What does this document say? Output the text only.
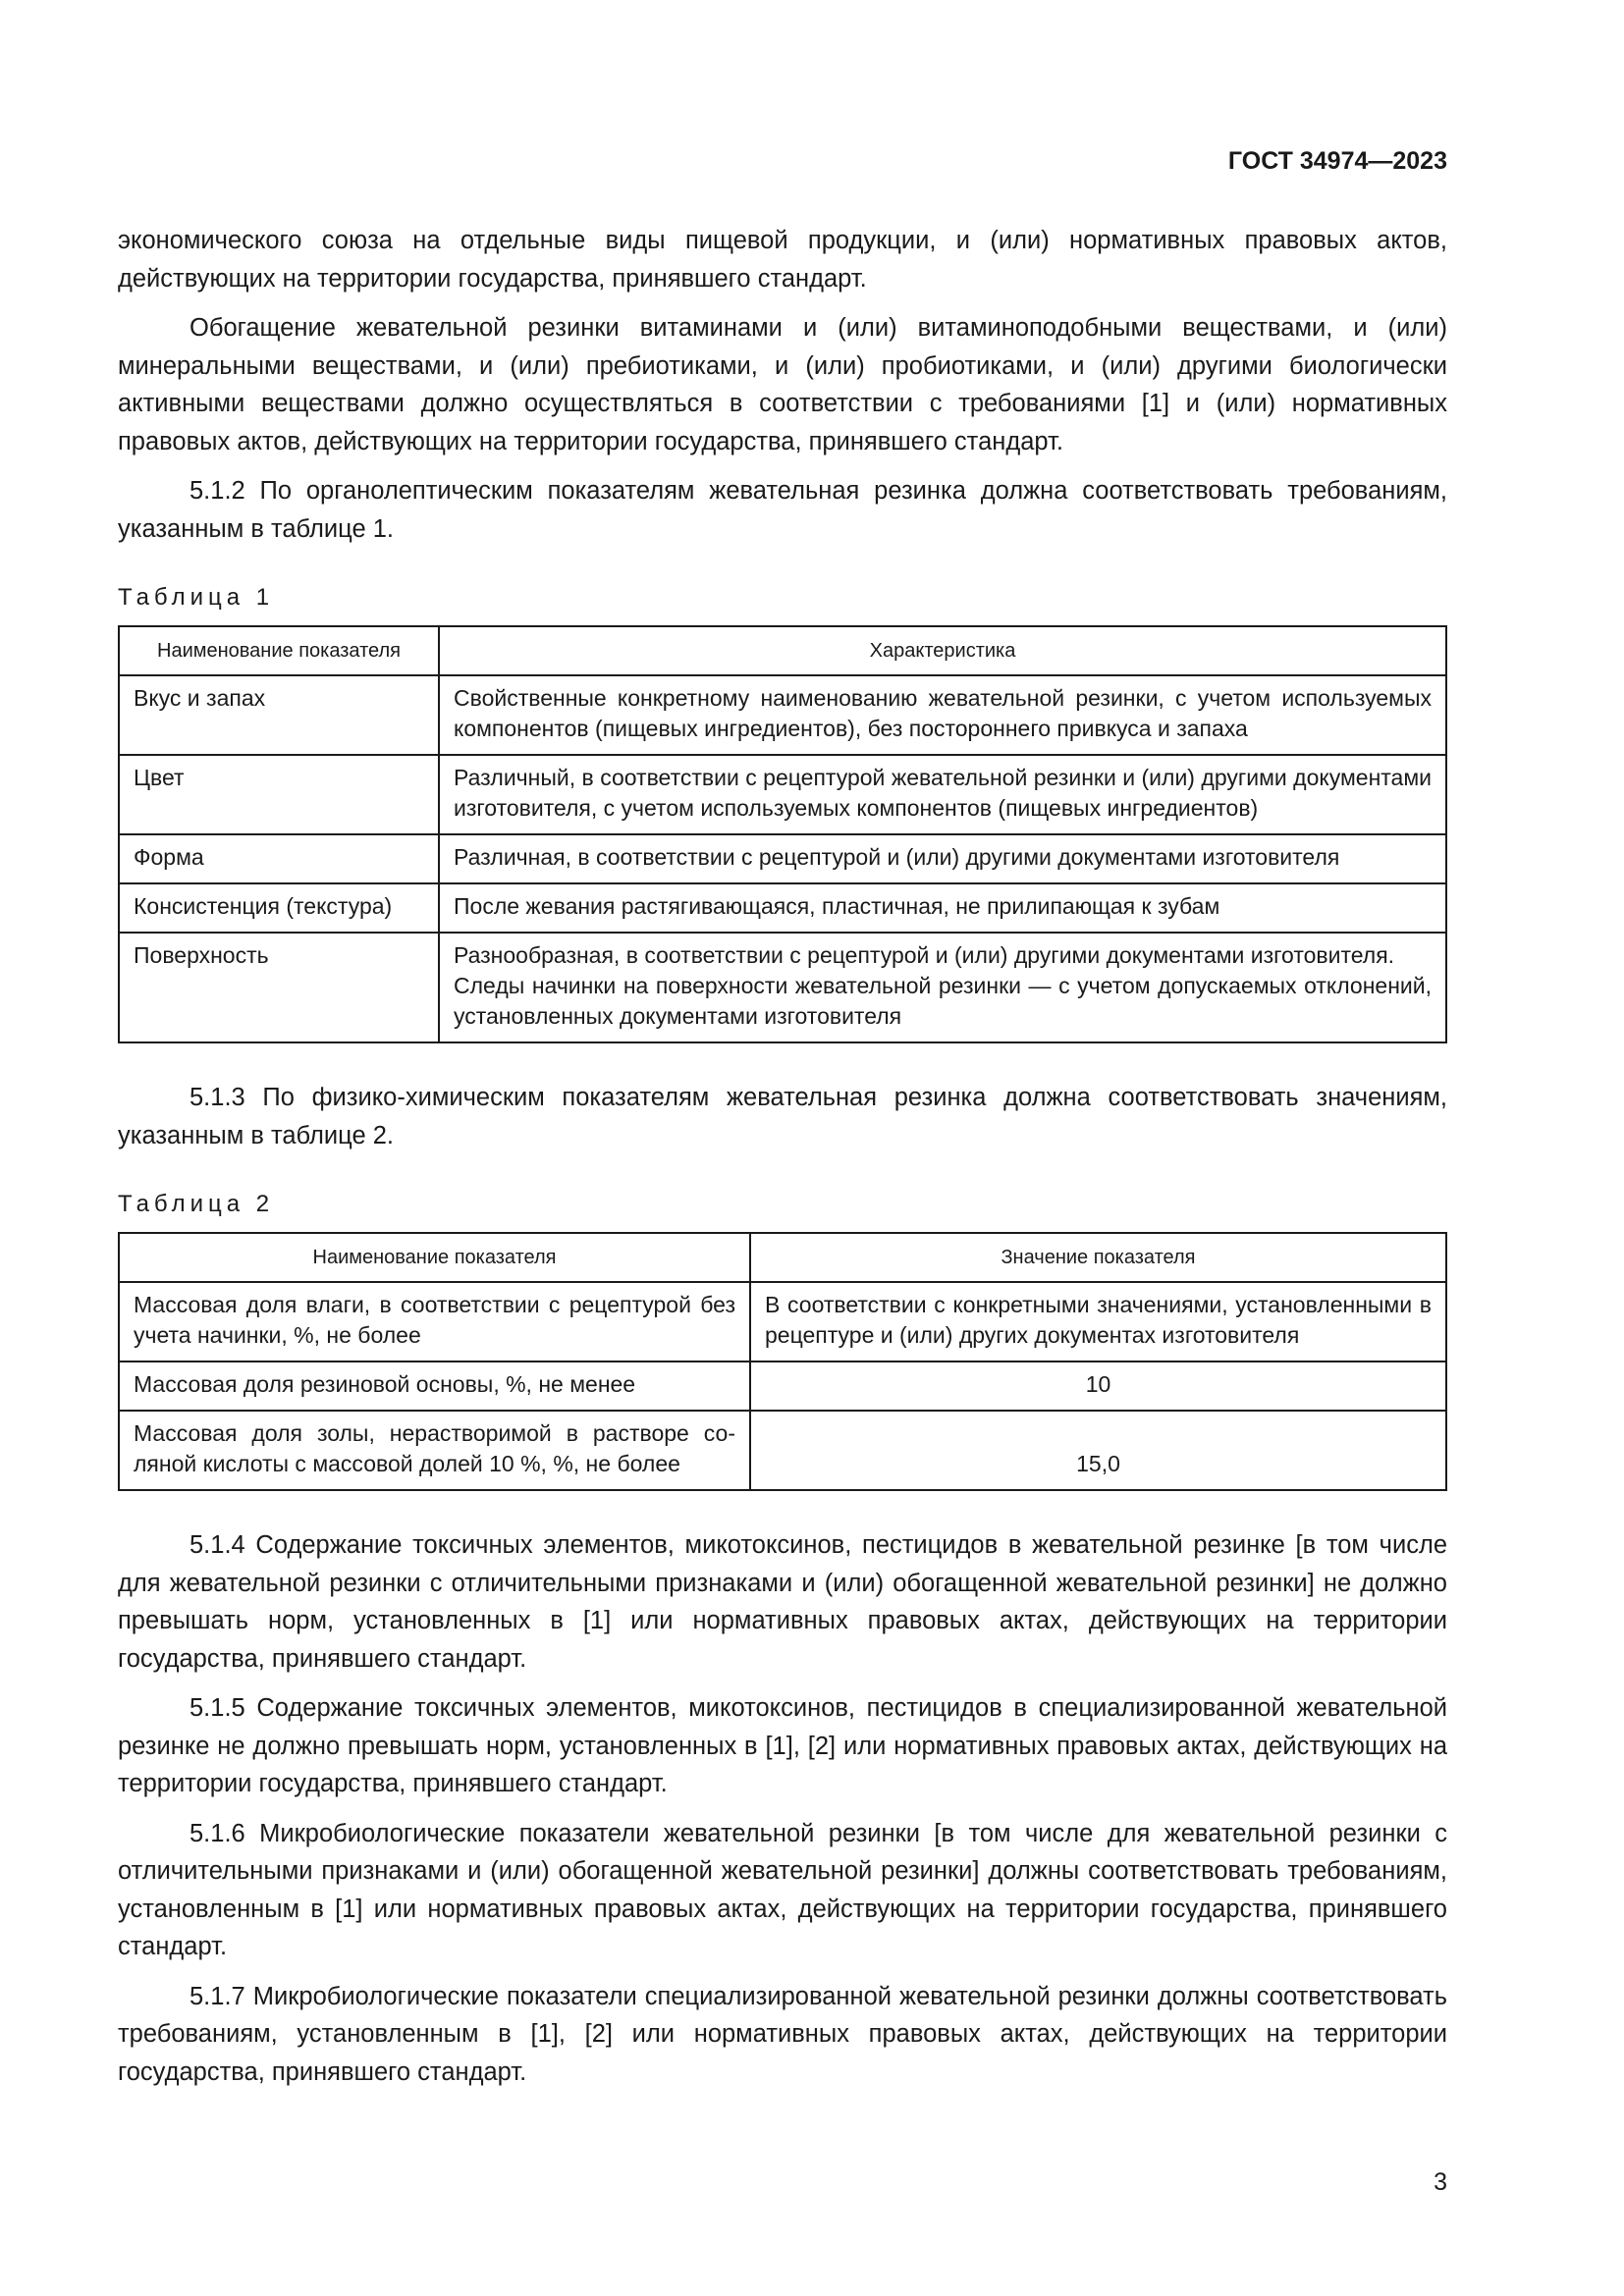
ГОСТ 34974—2023

экономического союза на отдельные виды пищевой продукции, и (или) нормативных правовых актов, действующих на территории государства, принявшего стандарт.

Обогащение жевательной резинки витаминами и (или) витаминоподобными веществами, и (или) минеральными веществами, и (или) пребиотиками, и (или) пробиотиками, и (или) другими биологически активными веществами должно осуществляться в соответствии с требованиями [1] и (или) нормативных правовых актов, действующих на территории государства, принявшего стандарт.

5.1.2 По органолептическим показателям жевательная резинка должна соответствовать требованиям, указанным в таблице 1.

Таблица 1
Наименование показателя	Характеристика
Вкус и запах	Свойственные конкретному наименованию жевательной резинки, с учетом используемых компонентов (пищевых ингредиентов), без постороннего привкуса и запаха
Цвет	Различный, в соответствии с рецептурой жевательной резинки и (или) другими документами изготовителя, с учетом используемых компонентов (пищевых ингредиентов)
Форма	Различная, в соответствии с рецептурой и (или) другими документами изготовителя
Консистенция (текстура)	После жевания растягивающаяся, пластичная, не прилипающая к зубам
Поверхность	Разнообразная, в соответствии с рецептурой и (или) другими документами изготовителя.
Следы начинки на поверхности жевательной резинки — с учетом допускаемых отклонений, установленных документами изготовителя

5.1.3 По физико-химическим показателям жевательная резинка должна соответствовать значениям, указанным в таблице 2.

Таблица 2
Наименование показателя	Значение показателя
Массовая доля влаги, в соответствии с рецептурой без учета начинки, %, не более	В соответствии с конкретными значениями, установленными в рецептуре и (или) других документах изготовителя
Массовая доля резиновой основы, %, не менее	10
Массовая доля золы, нерастворимой в растворе соляной кислоты с массовой долей 10 %, %, не более	15,0

5.1.4 Содержание токсичных элементов, микотоксинов, пестицидов в жевательной резинке [в том числе для жевательной резинки с отличительными признаками и (или) обогащенной жевательной резинки] не должно превышать норм, установленных в [1] или нормативных правовых актах, действующих на территории государства, принявшего стандарт.

5.1.5 Содержание токсичных элементов, микотоксинов, пестицидов в специализированной жевательной резинке не должно превышать норм, установленных в [1], [2] или нормативных правовых актах, действующих на территории государства, принявшего стандарт.

5.1.6 Микробиологические показатели жевательной резинки [в том числе для жевательной резинки с отличительными признаками и (или) обогащенной жевательной резинки] должны соответствовать требованиям, установленным в [1] или нормативных правовых актах, действующих на территории государства, принявшего стандарт.

5.1.7 Микробиологические показатели специализированной жевательной резинки должны соответствовать требованиям, установленным в [1], [2] или нормативных правовых актах, действующих на территории государства, принявшего стандарт.

3
